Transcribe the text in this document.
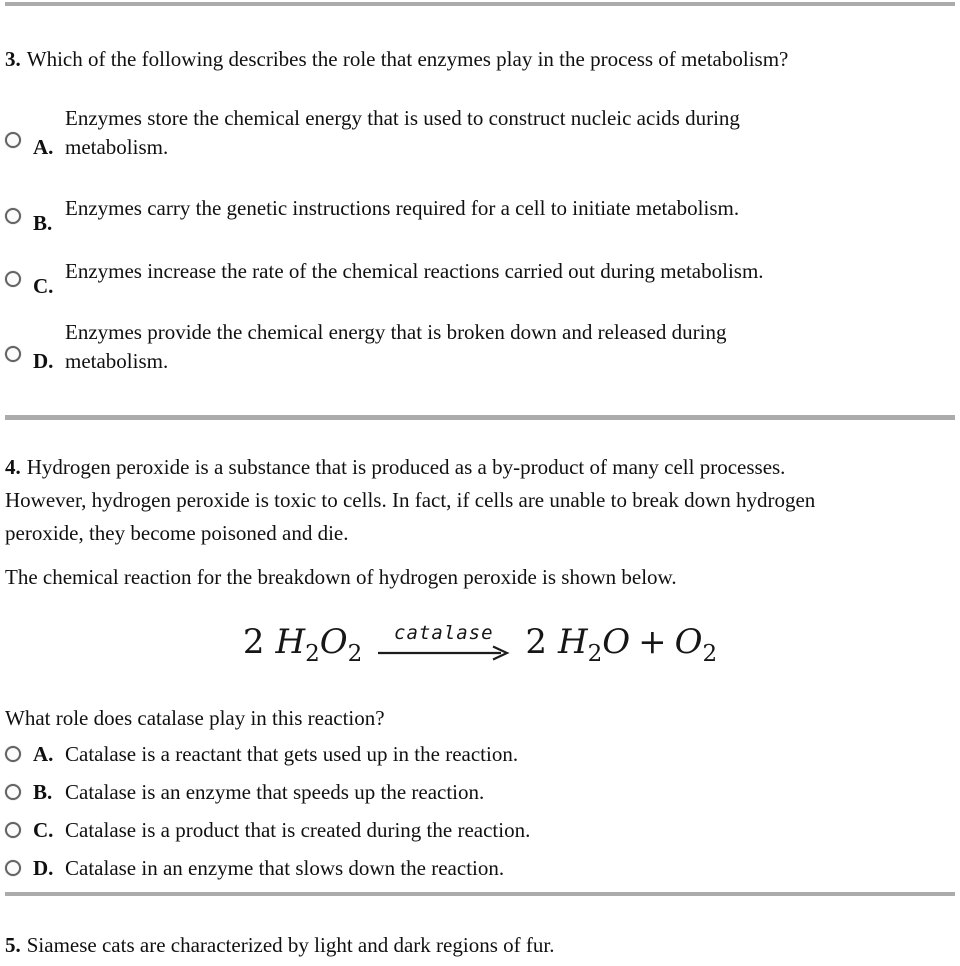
3. Which of the following describes the role that enzymes play in the process of metabolism?
A.
Enzymes store the chemical energy that is used to construct nucleic acids during
metabolism.
B.
Enzymes carry the genetic instructions required for a cell to initiate metabolism.
C.
Enzymes increase the rate of the chemical reactions carried out during metabolism.
D.
Enzymes provide the chemical energy that is broken down and released during
metabolism.
4. Hydrogen peroxide is a substance that is produced as a by-product of many cell processes.
However, hydrogen peroxide is toxic to cells. In fact, if cells are unable to break down hydrogen
peroxide, they become poisoned and die.
The chemical reaction for the breakdown of hydrogen peroxide is shown below.
2 $H_2O_2$
catalase 2 $H_2O + O_2$
What role does catalase play in this reaction?
A. Catalase is a reactant that gets used up in the reaction.
B. Catalase is an enzyme that speeds up the reaction.
C. Catalase is a product that is created during the reaction.
D. Catalase in an enzyme that slows down the reaction.
5. Siamese cats are characterized by light and dark regions of fur.
